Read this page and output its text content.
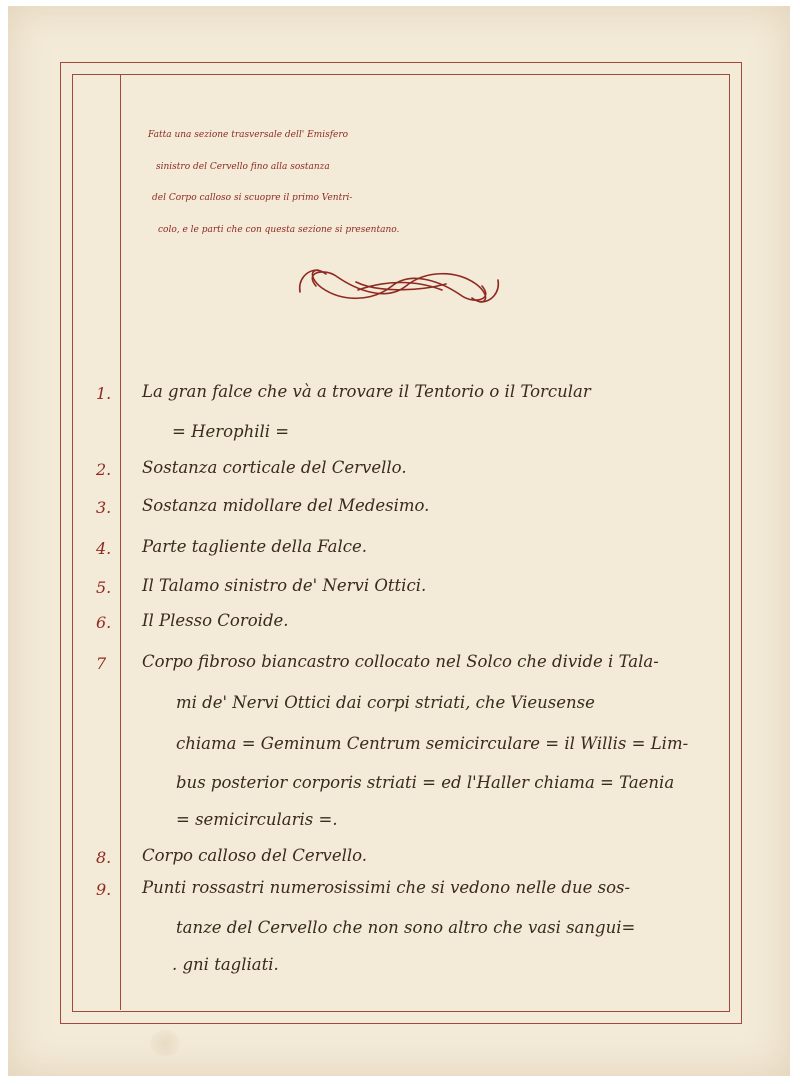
Fatta una sezione trasversale dell' Emisfero
sinistro del Cervello fino alla sostanza
del Corpo calloso si scuopre il primo Ventri-
colo, e le parti che con questa sezione si presentano.
1. La gran falce che và a trovare il Tentorio o il Torcular
= Herophili =
2. Sostanza corticale del Cervello.
3. Sostanza midollare del Medesimo.
4. Parte tagliente della Falce.
5. Il Talamo sinistro de' Nervi Ottici.
6. Il Plesso Coroide.
7 Corpo fibroso biancastro collocato nel Solco che divide i Tala-
mi de' Nervi Ottici dai corpi striati, che Vieusense
chiama = Geminum Centrum semicirculare = il Willis = Lim-
bus posterior corporis striati = ed l'Haller chiama = Taenia
= semicircularis =.
8. Corpo calloso del Cervello.
9. Punti rossastri numerosissimi che si vedono nelle due sos-
tanze del Cervello che non sono altro che vasi sangui=
. gni tagliati.
